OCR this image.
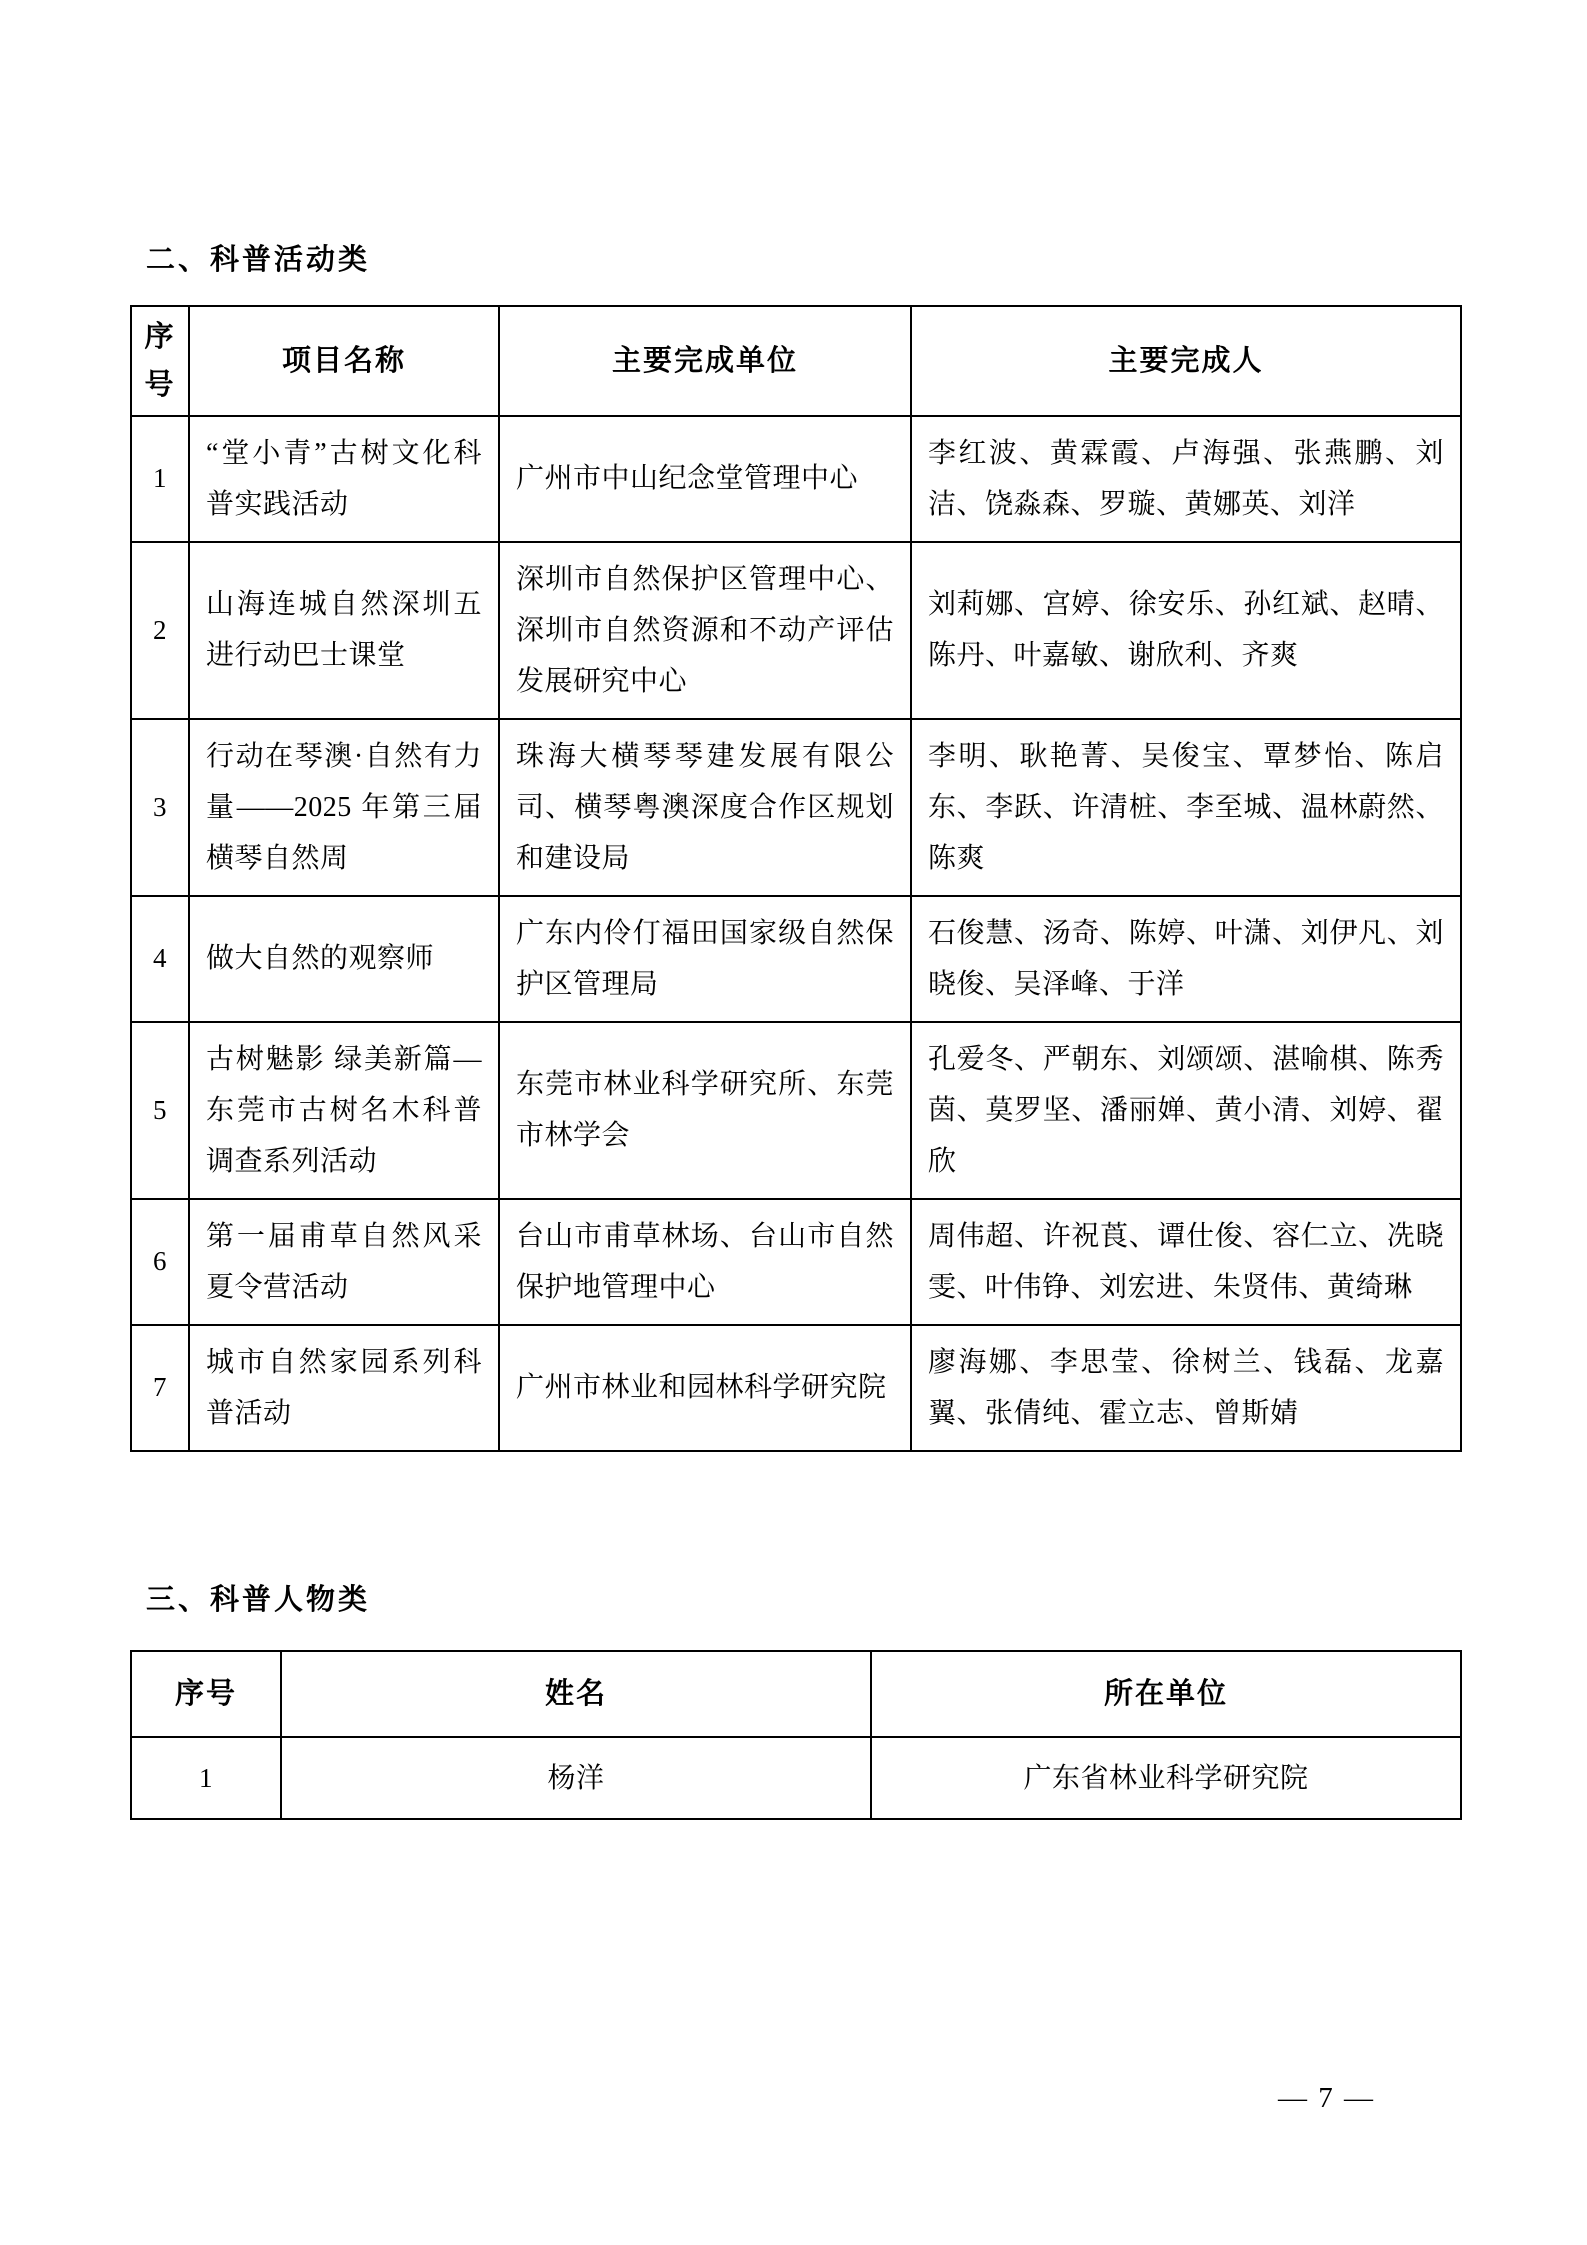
二、科普活动类
序号	项目名称	主要完成单位	主要完成人
1	“堂小青”古树文化科普实践活动	广州市中山纪念堂管理中心	李红波、黄霖霞、卢海强、张燕鹏、刘洁、饶淼森、罗璇、黄娜英、刘洋
2	山海连城自然深圳五进行动巴士课堂	深圳市自然保护区管理中心、深圳市自然资源和不动产评估发展研究中心	刘莉娜、宫婷、徐安乐、孙红斌、赵晴、陈丹、叶嘉敏、谢欣利、齐爽
3	行动在琴澳·自然有力量——2025 年第三届横琴自然周	珠海大横琴琴建发展有限公司、横琴粤澳深度合作区规划和建设局	李明、耿艳菁、吴俊宝、覃梦怡、陈启东、李跃、许清桩、李至城、温林蔚然、陈爽
4	做大自然的观察师	广东内伶仃福田国家级自然保护区管理局	石俊慧、汤奇、陈婷、叶潇、刘伊凡、刘晓俊、吴泽峰、于洋
5	古树魅影 绿美新篇—东莞市古树名木科普调查系列活动	东莞市林业科学研究所、东莞市林学会	孔爱冬、严朝东、刘颂颂、湛喻棋、陈秀茵、莫罗坚、潘丽婵、黄小清、刘婷、翟欣
6	第一届甫草自然风采夏令营活动	台山市甫草林场、台山市自然保护地管理中心	周伟超、许祝莨、谭仕俊、容仁立、冼晓雯、叶伟铮、刘宏进、朱贤伟、黄绮琳
7	城市自然家园系列科普活动	广州市林业和园林科学研究院	廖海娜、李思莹、徐树兰、钱磊、龙嘉翼、张倩纯、霍立志、曾斯婧
三、科普人物类
序号	姓名	所在单位
1	杨洋	广东省林业科学研究院
— 7 —
